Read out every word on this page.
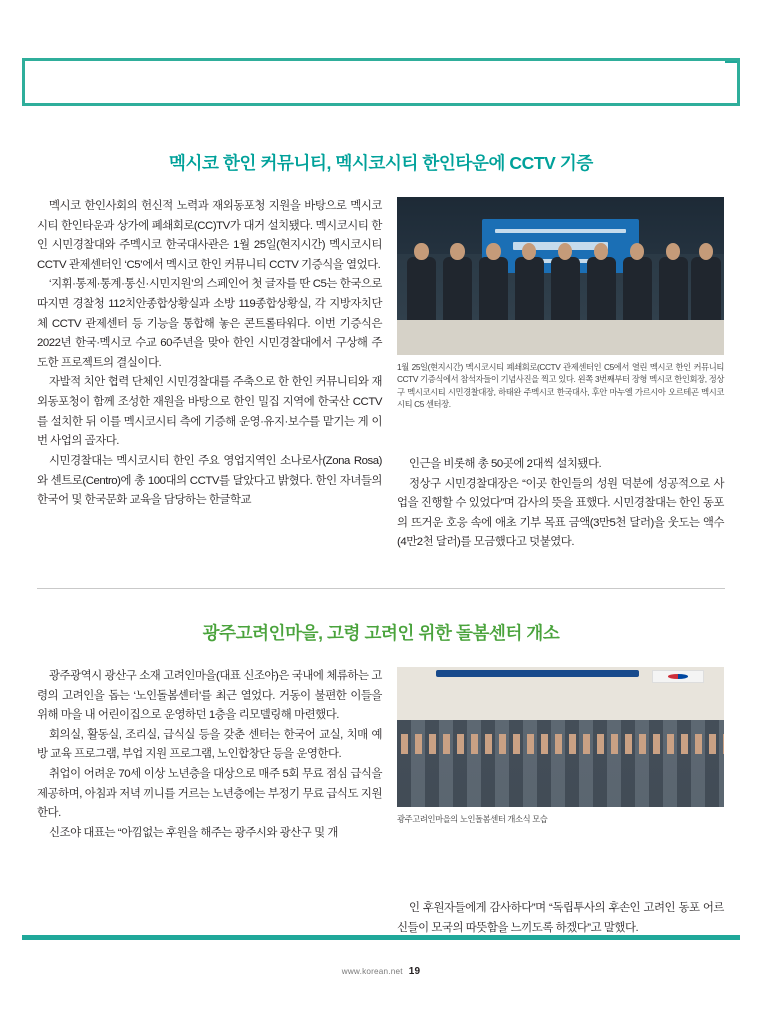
멕시코 한인 커뮤니티, 멕시코시티 한인타운에 CCTV 기증

멕시코 한인사회의 헌신적 노력과 재외동포청 지원을 바탕으로 멕시코시티 한인타운과 상가에 폐쇄회로(CC)TV가 대거 설치됐다. 멕시코시티 한인 시민경찰대와 주멕시코 한국대사관은 1월 25일(현지시간) 멕시코시티 CCTV 관제센터인 ‘C5’에서 멕시코 한인 커뮤니티 CCTV 기증식을 열었다.

‘지휘·통제·통계·통신·시민지원’의 스페인어 첫 글자를 딴 C5는 한국으로 따지면 경찰청 112치안종합상황실과 소방 119종합상황실, 각 지방자치단체 CCTV 관제센터 등 기능을 통합해 놓은 콘트롤타워다. 이번 기증식은 2022년 한국·멕시코 수교 60주년을 맞아 한인 시민경찰대에서 구상해 주도한 프로젝트의 결실이다.

자발적 치안 협력 단체인 시민경찰대를 주축으로 한 한인 커뮤니티와 재외동포청이 함께 조성한 재원을 바탕으로 한인 밀집 지역에 한국산 CCTV를 설치한 뒤 이를 멕시코시티 측에 기증해 운영·유지·보수를 맡기는 게 이번 사업의 골자다.

시민경찰대는 멕시코시티 한인 주요 영업지역인 소나로사(Zona Rosa)와 센트로(Centro)에 총 100대의 CCTV를 달았다고 밝혔다. 한인 자녀들의 한국어 및 한국문화 교육을 담당하는 한글학교

1월 25일(현지시간) 멕시코시티 폐쇄회로(CCTV 관제센터인 C5에서 열린 멕시코 한인 커뮤니티 CCTV 기증식에서 참석자들이 기념사진을 찍고 있다. 왼쪽 3번째부터 장형 멕시코 한인회장, 정상구 멕시코시티 시민경찰대장, 하태완 주멕시코 한국대사, 후안 마누엘 가르시아 오르테곤 멕시코시티 C5 센터장.

인근을 비롯해 총 50곳에 2대씩 설치됐다.

정상구 시민경찰대장은 “이곳 한인들의 성원 덕분에 성공적으로 사업을 진행할 수 있었다”며 감사의 뜻을 표했다. 시민경찰대는 한인 동포의 뜨거운 호응 속에 애초 기부 목표 금액(3만5천 달러)을 웃도는 액수(4만2천 달러)를 모금했다고 덧붙였다.

광주고려인마을, 고령 고려인 위한 돌봄센터 개소

광주광역시 광산구 소재 고려인마을(대표 신조야)은 국내에 체류하는 고령의 고려인을 돕는 ‘노인돌봄센터’를 최근 열었다. 거동이 불편한 이들을 위해 마을 내 어린이집으로 운영하던 1층을 리모델링해 마련했다.

회의실, 활동실, 조리실, 급식실 등을 갖춘 센터는 한국어 교실, 치매 예방 교육 프로그램, 부업 지원 프로그램, 노인합창단 등을 운영한다.

취업이 어려운 70세 이상 노년층을 대상으로 매주 5회 무료 점심 급식을 제공하며, 아침과 저녁 끼니를 거르는 노년층에는 부정기 무료 급식도 지원한다.

신조야 대표는 “아낌없는 후원을 해주는 광주시와 광산구 및 개

광주고려인마을의 노인돌봄센터 개소식 모습

인 후원자들에게 감사하다”며 “독립투사의 후손인 고려인 동포 어르신들이 모국의 따뜻함을 느끼도록 하겠다”고 말했다.

www.korean.net 19
